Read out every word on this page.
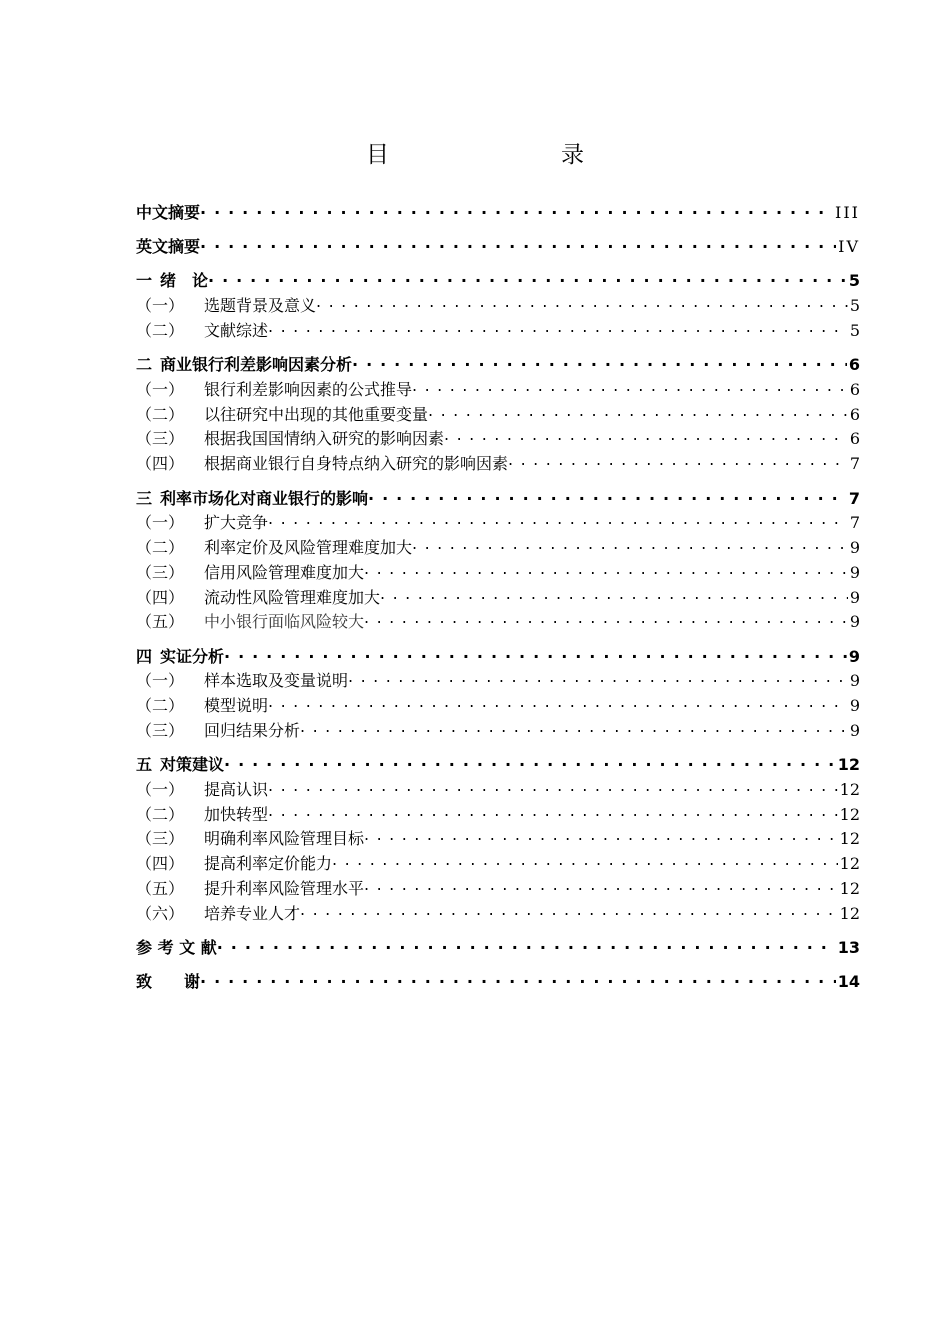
目　　录
中文摘要 . . .	III
英文摘要 . . .	IV
一 绪　论 . . .	5
（一）	选题背景及意义 . . .	5
（二）	文献综述 . . .	5
二 商业银行利差影响因素分析 . . .	6
（一）	银行利差影响因素的公式推导 . . .	6
（二）	以往研究中出现的其他重要变量 . . .	6
（三）	根据我国国情纳入研究的影响因素 . . .	6
（四）	根据商业银行自身特点纳入研究的影响因素 . . .	7
三 利率市场化对商业银行的影响 . . .	7
（一）	扩大竞争 . . .	7
（二）	利率定价及风险管理难度加大 . . .	9
（三）	信用风险管理难度加大 . . .	9
（四）	流动性风险管理难度加大 . . .	9
（五）	中小银行面临风险较大 . . .	9
四 实证分析 . . .	9
（一）	样本选取及变量说明 . . .	9
（二）	模型说明 . . .	9
（三）	回归结果分析 . . .	9
五 对策建议 . . .	12
（一）	提高认识 . . .	12
（二）	加快转型 . . .	12
（三）	明确利率风险管理目标 . . .	12
（四）	提高利率定价能力 . . .	12
（五）	提升利率风险管理水平 . . .	12
（六）	培养专业人才 . . .	12
参 考 文 献 . . .	13
致　　谢 . . .	14
